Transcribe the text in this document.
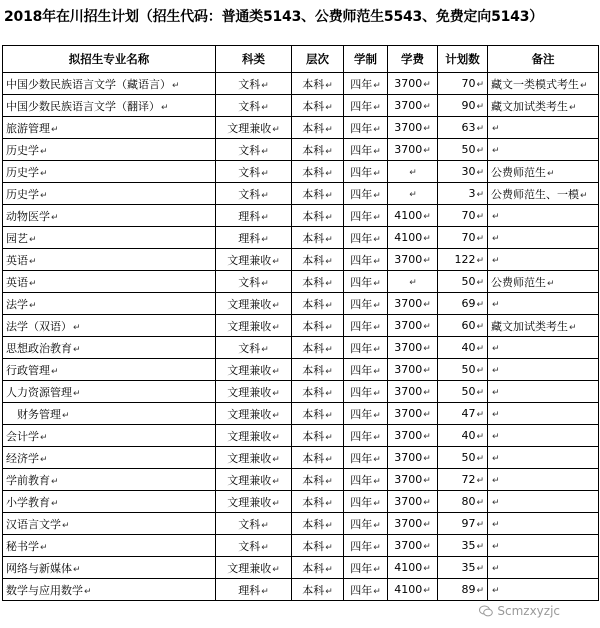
2018年在川招生计划（招生代码：普通类5143、公费师范生5543、免费定向5143）
拟招生专业名称	科类	层次	学制	学费	计划数	备注
中国少数民族语言文学（藏语言）↵	文科↵	本科↵	四年↵	3700↵	70↵	藏文一类模式考生↵
中国少数民族语言文学（翻译）↵	文科↵	本科↵	四年↵	3700↵	90↵	藏文加试类考生↵
旅游管理↵	文理兼收↵	本科↵	四年↵	3700↵	63↵	↵
历史学↵	文科↵	本科↵	四年↵	3700↵	50↵	↵
历史学↵	文科↵	本科↵	四年↵	↵	30↵	公费师范生↵
历史学↵	文科↵	本科↵	四年↵	↵	3↵	公费师范生、一模↵
动物医学↵	理科↵	本科↵	四年↵	4100↵	70↵	↵
园艺↵	理科↵	本科↵	四年↵	4100↵	70↵	↵
英语↵	文理兼收↵	本科↵	四年↵	3700↵	122↵	↵
英语↵	文科↵	本科↵	四年↵	↵	50↵	公费师范生↵
法学↵	文理兼收↵	本科↵	四年↵	3700↵	69↵	↵
法学（双语）↵	文理兼收↵	本科↵	四年↵	3700↵	60↵	藏文加试类考生↵
思想政治教育↵	文科↵	本科↵	四年↵	3700↵	40↵	↵
行政管理↵	文理兼收↵	本科↵	四年↵	3700↵	50↵	↵
人力资源管理↵	文理兼收↵	本科↵	四年↵	3700↵	50↵	↵
财务管理↵	文理兼收↵	本科↵	四年↵	3700↵	47↵	↵
会计学↵	文理兼收↵	本科↵	四年↵	3700↵	40↵	↵
经济学↵	文理兼收↵	本科↵	四年↵	3700↵	50↵	↵
学前教育↵	文理兼收↵	本科↵	四年↵	3700↵	72↵	↵
小学教育↵	文理兼收↵	本科↵	四年↵	3700↵	80↵	↵
汉语言文学↵	文科↵	本科↵	四年↵	3700↵	97↵	↵
秘书学↵	文科↵	本科↵	四年↵	3700↵	35↵	↵
网络与新媒体↵	文理兼收↵	本科↵	四年↵	4100↵	35↵	↵
数学与应用数学↵	理科↵	本科↵	四年↵	4100↵	89↵	↵
Scmzxyzjc
